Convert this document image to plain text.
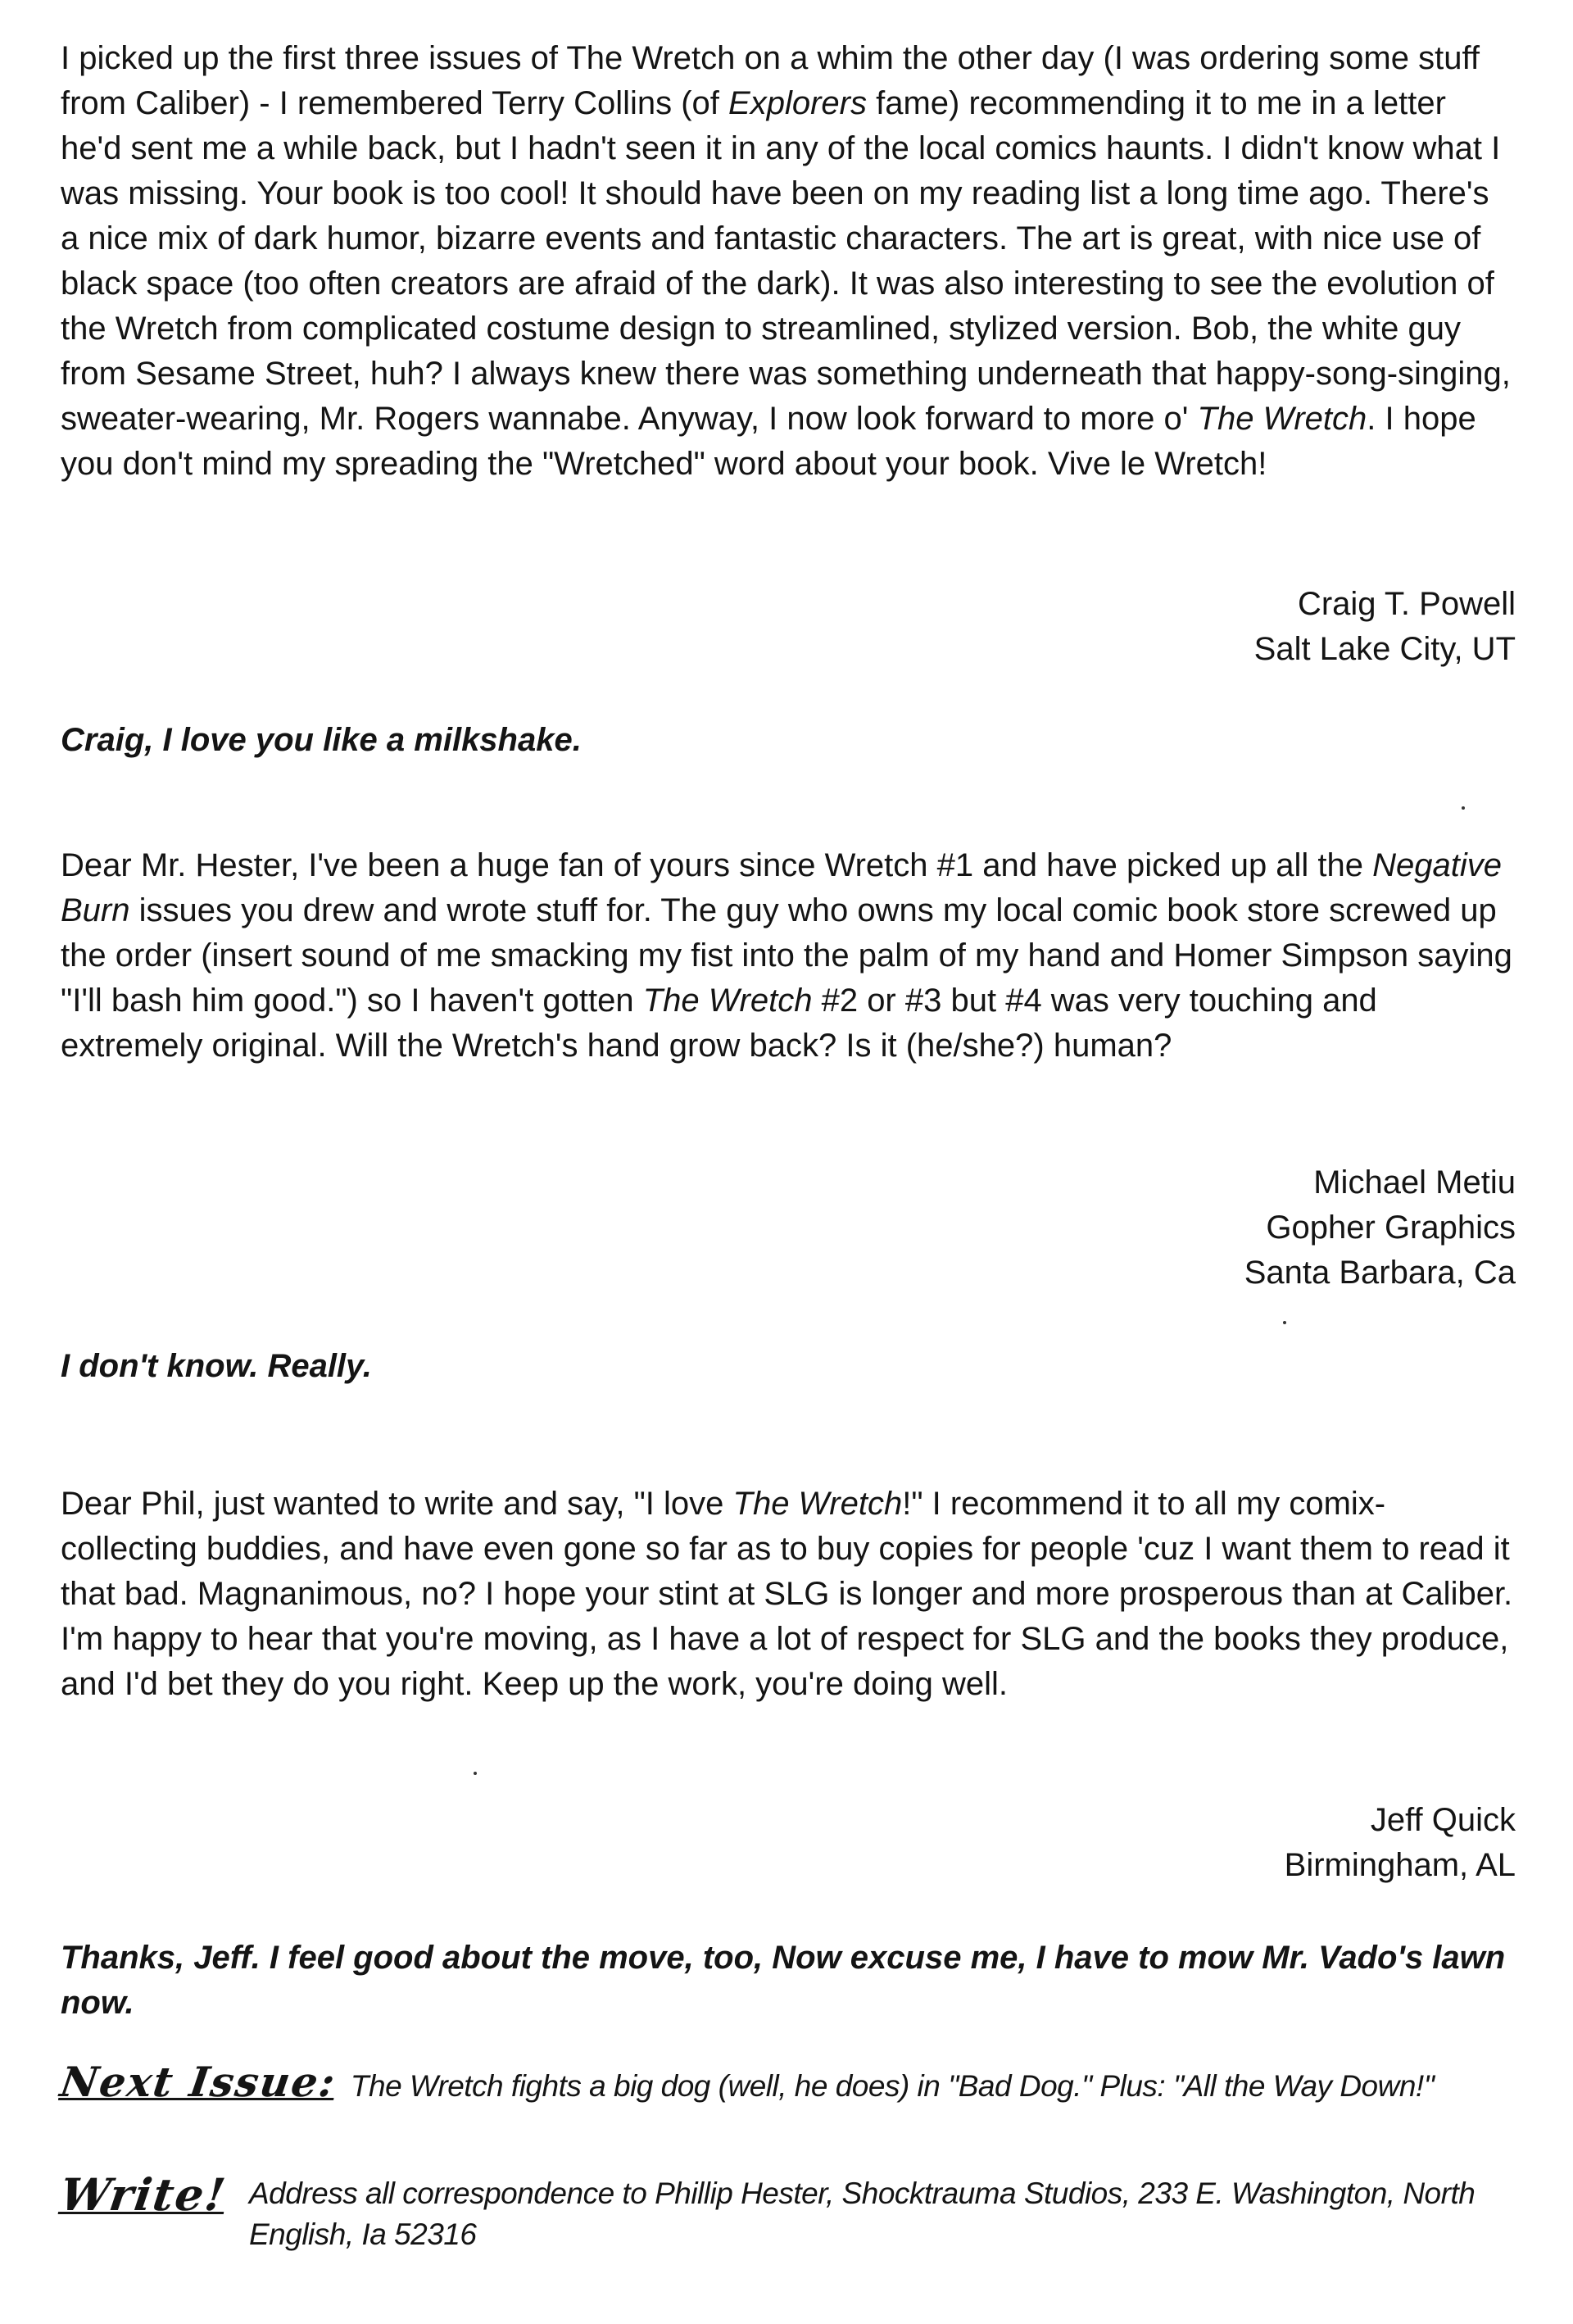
I picked up the first three issues of The Wretch on a whim the other day (I was ordering some stuff from Caliber) - I remembered Terry Collins (of Explorers fame) recommending it to me in a letter he'd sent me a while back, but I hadn't seen it in any of the local comics haunts. I didn't know what I was missing. Your book is too cool! It should have been on my reading list a long time ago. There's a nice mix of dark humor, bizarre events and fantastic characters. The art is great, with nice use of black space (too often creators are afraid of the dark). It was also interesting to see the evolution of the Wretch from complicated costume design to streamlined, stylized version. Bob, the white guy from Sesame Street, huh? I always knew there was something underneath that happy-song-singing, sweater-wearing, Mr. Rogers wannabe. Anyway, I now look forward to more o' The Wretch. I hope you don't mind my spreading the "Wretched" word about your book. Vive le Wretch!

Craig T. Powell
Salt Lake City, UT

Craig, I love you like a milkshake.

Dear Mr. Hester, I've been a huge fan of yours since Wretch #1 and have picked up all the Negative Burn issues you drew and wrote stuff for. The guy who owns my local comic book store screwed up the order (insert sound of me smacking my fist into the palm of my hand and Homer Simpson saying "I'll bash him good.") so I haven't gotten The Wretch #2 or #3 but #4 was very touching and extremely original. Will the Wretch's hand grow back? Is it (he/she?) human?

Michael Metiu
Gopher Graphics
Santa Barbara, Ca

I don't know. Really.

Dear Phil, just wanted to write and say, "I love The Wretch!" I recommend it to all my comix-collecting buddies, and have even gone so far as to buy copies for people 'cuz I want them to read it that bad. Magnanimous, no? I hope your stint at SLG is longer and more prosperous than at Caliber. I'm happy to hear that you're moving, as I have a lot of respect for SLG and the books they produce, and I'd bet they do you right. Keep up the work, you're doing well.

Jeff Quick
Birmingham, AL

Thanks, Jeff. I feel good about the move, too, Now excuse me, I have to mow Mr. Vado's lawn now.

Next Issue: The Wretch fights a big dog (well, he does) in "Bad Dog." Plus: "All the Way Down!"
Write! Address all correspondence to Phillip Hester, Shocktrauma Studios, 233 E. Washington, North English, Ia 52316
